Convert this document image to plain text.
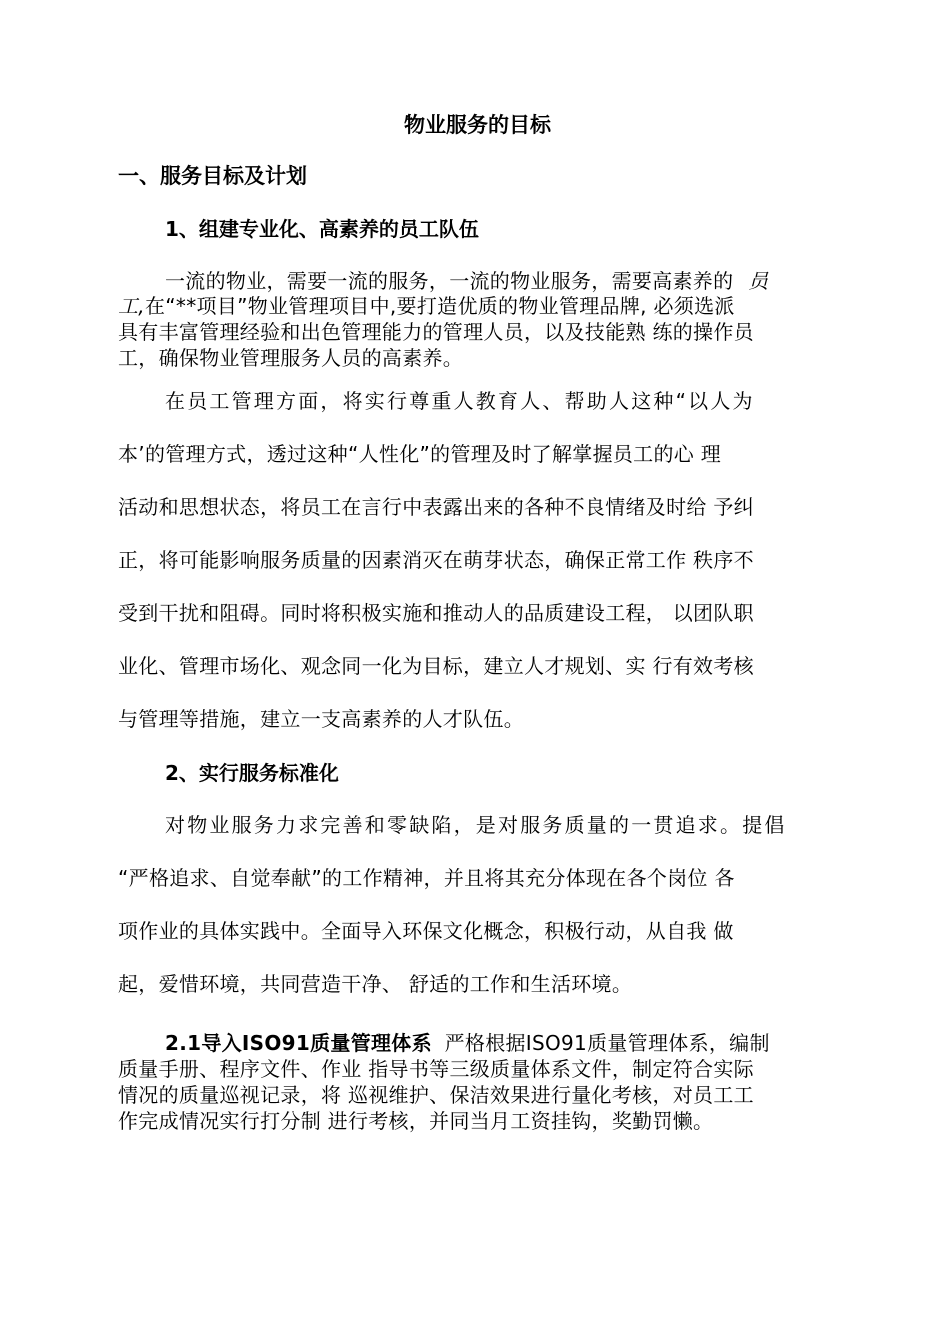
物业服务的目标
一、服务目标及计划
1、组建专业化、高素养的员工队伍
一流的物业，需要一流的服务，一流的物业服务，需要高素养的 员
工,在“**项目”物业管理项目中,要打造优质的物业管理品牌, 必须选派
具有丰富管理经验和出色管理能力的管理人员，以及技能熟 练的操作员
工，确保物业管理服务人员的高素养。
在员工管理方面，将实行尊重人教育人、帮助人这种“以人为
本’的管理方式，透过这种“人性化”的管理及时了解掌握员工的心 理
活动和思想状态，将员工在言行中表露出来的各种不良情绪及时给 予纠
正，将可能影响服务质量的因素消灭在萌芽状态，确保正常工作 秩序不
受到干扰和阻碍。同时将积极实施和推动人的品质建设工程， 以团队职
业化、管理市场化、观念同一化为目标，建立人才规划、实 行有效考核
与管理等措施，建立一支高素养的人才队伍。
2、实行服务标准化
对物业服务力求完善和零缺陷，是对服务质量的一贯追求。提倡
“严格追求、自觉奉献”的工作精神，并且将其充分体现在各个岗位 各
项作业的具体实践中。全面导入环保文化概念，积极行动，从自我 做
起，爱惜环境，共同营造干净、 舒适的工作和生活环境。
2.1导入ISO91质量管理体系 严格根据ISO91质量管理体系，编制
质量手册、程序文件、作业 指导书等三级质量体系文件，制定符合实际
情况的质量巡视记录，将 巡视维护、保洁效果进行量化考核，对员工工
作完成情况实行打分制 进行考核，并同当月工资挂钩，奖勤罚懒。
